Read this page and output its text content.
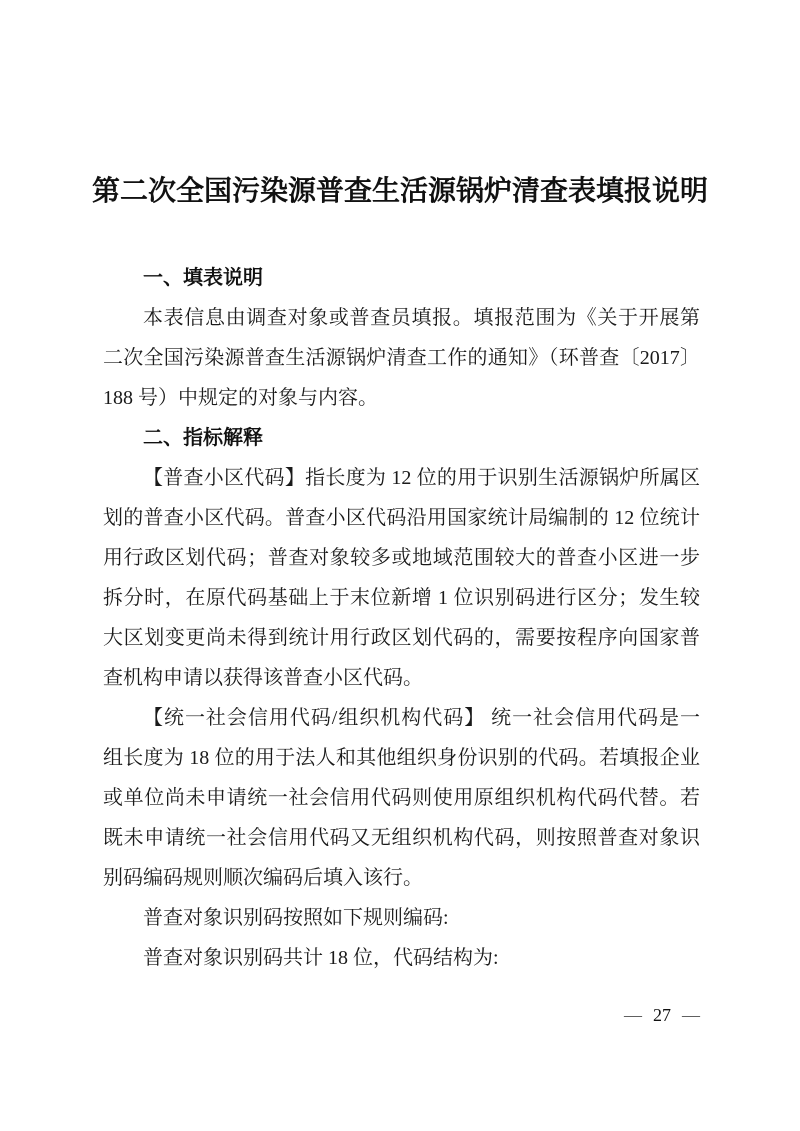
第二次全国污染源普查生活源锅炉清查表填报说明
一、填表说明
本表信息由调查对象或普查员填报。填报范围为《关于开展第
二次全国污染源普查生活源锅炉清查工作的通知》（环普查〔2017〕
188 号）中规定的对象与内容。
二、指标解释
【普查小区代码】指长度为 12 位的用于识别生活源锅炉所属区
划的普查小区代码。普查小区代码沿用国家统计局编制的 12 位统计
用行政区划代码；普查对象较多或地域范围较大的普查小区进一步
拆分时，在原代码基础上于末位新增 1 位识别码进行区分；发生较
大区划变更尚未得到统计用行政区划代码的，需要按程序向国家普
查机构申请以获得该普查小区代码。
【统一社会信用代码/组织机构代码】 统一社会信用代码是一
组长度为 18 位的用于法人和其他组织身份识别的代码。若填报企业
或单位尚未申请统一社会信用代码则使用原组织机构代码代替。若
既未申请统一社会信用代码又无组织机构代码，则按照普查对象识
别码编码规则顺次编码后填入该行。
普查对象识别码按照如下规则编码:
普查对象识别码共计 18 位，代码结构为:
— 27 —
